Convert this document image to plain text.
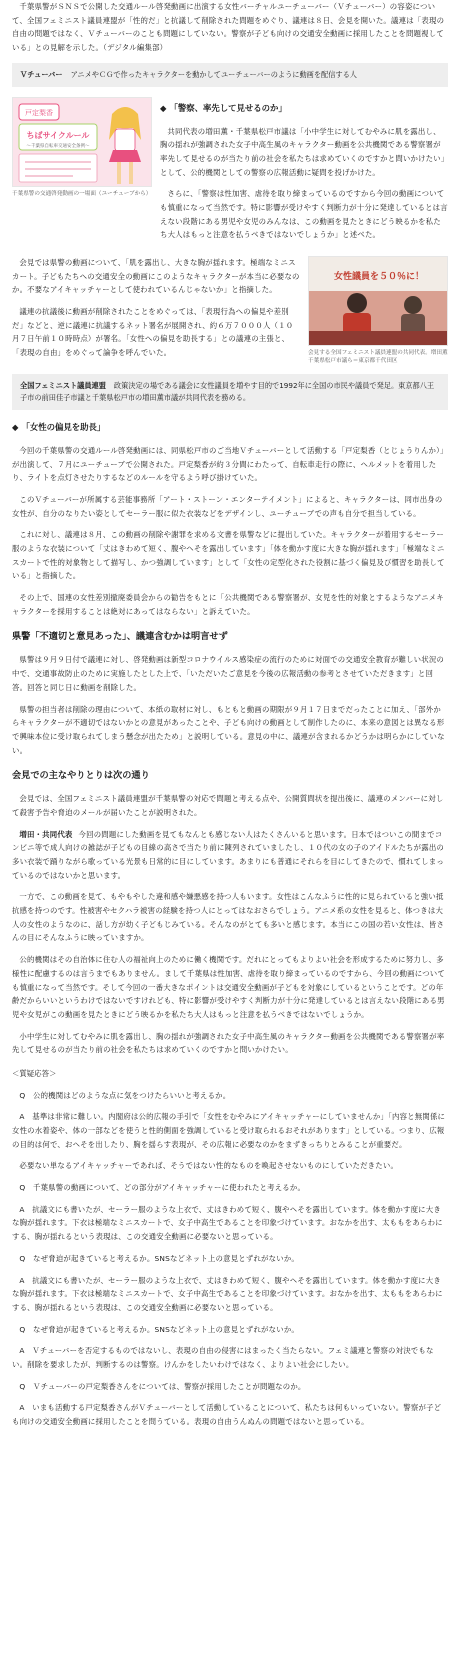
千葉県警がＳＮＳで公開した交通ルール啓発動画に出演する女性バーチャルユーチューバー（Ｖチューバー）の容姿について、全国フェミニスト議員連盟が「性的だ」と抗議して削除された問題をめぐり、議連は８日、会見を開いた。議連は「表現の自由の問題ではなく、Ｖチューバーのことも問題にしていない。警察が子ども向けの交通安全動画に採用したことを問題視している」との見解を示した。（デジタル編集部）

Ｖチューバー アニメやＣＧで作ったキャラクターを動かしてユーチューバーのように動画を配信する人
戸定梨香
ちばサイクルール
〜千葉県自転車交通安全条例〜
千葉県警の交通啓発動画の一場面（ユーチューブから）
◆ 「警察、率先して見せるのか」

共同代表の増田薫・千葉県松戸市議は「小中学生に対してむやみに肌を露出し、胸の揺れが強調された女子中高生風のキャラクター動画を公共機関である警察署が率先して見せるのが当たり前の社会を私たちは求めていくのですかと問いかけたい」として、公的機関としての警察の広報活動に疑問を投げかけた。

さらに、「警察は性加害、虐待を取り締まっているのですから今回の動画についても慎重になって当然です。特に影響が受けやすく判断力が十分に発達しているとは言えない段階にある男児や女児のみんなは、この動画を見たときにどう映るかを私たち大人はもっと注意を払うべきではないでしょうか」と述べた。

会見では県警の動画について、「肌を露出し、大きな胸が揺れます。極端なミニスカート。子どもたちへの交通安全の動画にこのようなキャラクターが本当に必要なのか。不要なアイキャッチャーとして使われているんじゃないか」と指摘した。

議連の抗議後に動画が削除されたことをめぐっては、「表現行為への偏見や差別だ」などと、逆に議連に抗議するネット署名が展開され、約６万７０００人（１０月７日午前１０時時点）が署名。「女性への偏見を助長する」との議連の主張と、「表現の自由」をめぐって論争を呼んでいた。

女性議員を５０％に！
会見する全国フェミニスト議員連盟の共同代表。増田薫千葉県松戸市議ら＝東京都千代田区
全国フェミニスト議員連盟 政策決定の場である議会に女性議員を増やす目的で1992年に全国の市民や議員で発足。東京都八王子市の前田佳子市議と千葉県松戸市の増田薫市議が共同代表を務める。
◆ 「女性の偏見を助長」

今回の千葉県警の交通ルール啓発動画には、同県松戸市のご当地Ｖチューバーとして活動する「戸定梨香（とじょうりんか）」が出演して、７月にユーチューブで公開された。戸定梨香が約３分間にわたって、自転車走行の際に、ヘルメットを着用したり、ライトを点灯させたりするなどのルールを守るよう呼び掛けていた。

このＶチューバーが所属する芸能事務所「アート・ストーン・エンターテイメント」によると、キャラクターは、同市出身の女性が、自分のなりたい姿としてセーラー服に似た衣装などをデザインし、ユーチューブでの声も自分で担当している。

これに対し、議連は８月、この動画の削除や謝罪を求める文書を県警などに提出していた。キャラクターが着用するセーラー服のような衣装について「丈はきわめて短く、腹やヘそを露出しています」「体を動かす度に大きな胸が揺れます」「極端なミニスカートで性的対象物として描写し、かつ強調しています」として「女性の定型化された役割に基づく偏見及び慣習を助長している」と指摘した。

その上で、国連の女性差別撤廃委員会からの勧告をもとに「公共機関である警察署が、女児を性的対象とするようなアニメキャラクターを採用することは絶対にあってはならない」と訴えていた。

県警「不適切と意見あった」、議連含むかは明言せず

県警は９月９日付で議連に対し、啓発動画は新型コロナウイルス感染症の流行のために対面での交通安全教育が難しい状況の中で、交通事故防止のために実施したとした上で、「いただいたご意見を今後の広報活動の参考とさせていただきます」と回答。回答と同じ日に動画を削除した。

県警の担当者は削除の理由について、本紙の取材に対し、もともと動画の期限が９月１７日までだったことに加え、「部外からキャラクターが不適切ではないかとの意見があったことや、子ども向けの動画として制作したのに、本来の意図とは異なる形で興味本位に受け取られてしまう懸念が出たため」と説明している。意見の中に、議連が含まれるかどうかは明らかにしていない。

会見での主なやりとりは次の通り

会見では、全国フェミニスト議員連盟が千葉県警の対応で問題と考える点や、公開質問状を提出後に、議連のメンバーに対して殺害予告や脅迫のメールが届いたことが説明された。

増田・共同代表 今回の問題にした動画を見てもなんとも感じない人はたくさんいると思います。日本ではついこの間までコンビニ等で成人向けの雑誌が子どもの目線の高さで当たり前に陳列されていましたし、１０代の女の子のアイドルたちが露出の多い衣装で踊りながら歌っている光景も日常的に目にしています。あまりにも普通にそれらを目にしてきたので、慣れてしまっているのではないかと思います。

一方で、この動画を見て、もやもやした違和感や嫌悪感を持つ人もいます。女性はこんなふうに性的に見られていると強い抵抗感を持つのです。性被害やセクハラ被害の経験を持つ人にとってはなおさらでしょう。アニメ系の女性を見ると、体つきは大人の女性のようなのに、話し方が幼く子どもじみている。そんなのがとても多いと感じます。本当にこの国の若い女性は、皆さんの目にそんなふうに映っていますか。

公的機関はその自治体に住む人の福祉向上のために働く機関です。だれにとってもよりよい社会を形成するために努力し、多様性に配慮するのは言うまでもありません。まして千葉県は性加害、虐待を取り締まっているのですから、今回の動画についても慎重になって当然です。そして今回の一番大きなポイントは交通安全動画が子どもを対象にしているということです。どの年齢だからいいというわけではないですけれども、特に影響が受けやすく判断力が十分に発達しているとは言えない段階にある男児や女児がこの動画を見たときにどう映るかを私たち大人はもっと注意を払うべきではないでしょうか。

小中学生に対してむやみに肌を露出し、胸の揺れが強調された女子中高生風のキャラクター動画を公共機関である警察署が率先して見せるのが当たり前の社会を私たちは求めていくのですかと問いかけたい。

＜質疑応答＞

Q　公的機関はどのような点に気をつけたらいいと考えるか。

A　基準は非常に難しい。内閣府は公的広報の手引で「女性をむやみにアイキャッチャーにしていませんか」「内容と無関係に女性の水着姿や、体の一部などを使うと性的側面を強調していると受け取られるおそれがあります」としている。つまり、広報の目的は何で、おヘそを出したり、胸を揺らす表現が、その広報に必要なのかをまずきっちりとみることが重要だ。

必要ない単なるアイキャッチャーであれば、そうではない性的なものを喚起させないものにしていただきたい。

Q　千葉県警の動画について、どの部分がアイキャッチャーに使われたと考えるか。

A　抗議文にも書いたが、セーラー服のような上衣で、丈はきわめて短く、腹やヘそを露出しています。体を動かす度に大きな胸が揺れます。下衣は極端なミニスカートで、女子中高生であることを印象づけています。おなかを出す、太ももをあらわにする、胸が揺れるという表現は、この交通安全動画に必要ないと思っている。

Q　なぜ脅迫が起きていると考えるか。SNSなどネット上の意見とずれがないか。

A　抗議文にも書いたが、セーラー服のような上衣で、丈はきわめて短く、腹やヘそを露出しています。体を動かす度に大きな胸が揺れます。下衣は極端なミニスカートで、女子中高生であることを印象づけています。おなかを出す、太ももをあらわにする、胸が揺れるという表現は、この交通安全動画に必要ないと思っている。

Q　なぜ脅迫が起きていると考えるか。SNSなどネット上の意見とずれがないか。

A　Ｖチューバーを否定するものではないし、表現の自由の侵害にはまったく当たらない。フェミ議連と警察の対決でもない。削除を要求したが、判断するのは警察。けんかをしたいわけではなく、よりよい社会にしたい。

Q　Ｖチューバーの戸定梨香さんをについては、警察が採用したことが問題なのか。

A　いまも活動する戸定梨香さんがＶチューバーとして活動していることについて、私たちは何もいっていない。警察が子ども向けの交通安全動画に採用したことを問うている。表現の自由うんぬんの問題ではないと思っている。
